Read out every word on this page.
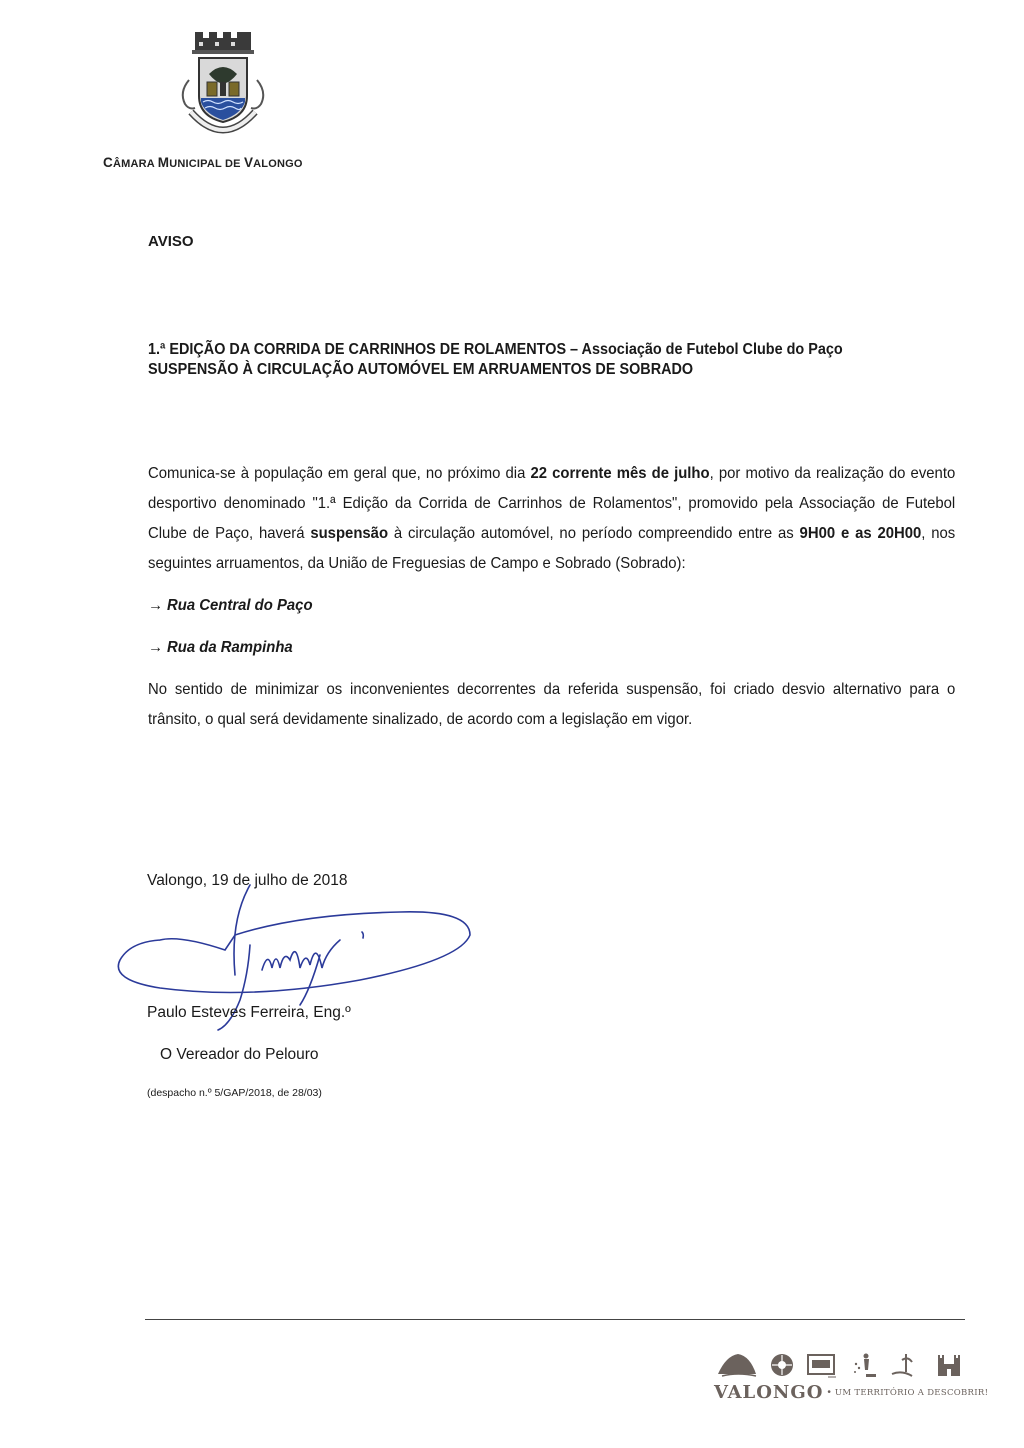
CÂMARA MUNICIPAL DE VALONGO
AVISO
1.ª EDIÇÃO DA CORRIDA DE CARRINHOS DE ROLAMENTOS – Associação de Futebol Clube do Paço
SUSPENSÃO À CIRCULAÇÃO AUTOMÓVEL EM ARRUAMENTOS DE SOBRADO

Comunica-se à população em geral que, no próximo dia 22 corrente mês de julho, por motivo da realização do evento desportivo denominado "1.ª Edição da Corrida de Carrinhos de Rolamentos", promovido pela Associação de Futebol Clube de Paço, haverá suspensão à circulação automóvel, no período compreendido entre as 9H00 e as 20H00, nos seguintes arruamentos, da União de Freguesias de Campo e Sobrado (Sobrado):

→ Rua Central do Paço
→ Rua da Rampinha

No sentido de minimizar os inconvenientes decorrentes da referida suspensão, foi criado desvio alternativo para o trânsito, o qual será devidamente sinalizado, de acordo com a legislação em vigor.

Valongo, 19 de julho de 2018
Paulo Esteves Ferreira, Eng.º
O Vereador do Pelouro
(despacho n.º 5/GAP/2018, de 28/03)
VALONGO • UM TERRITÓRIO A DESCOBRIR!
